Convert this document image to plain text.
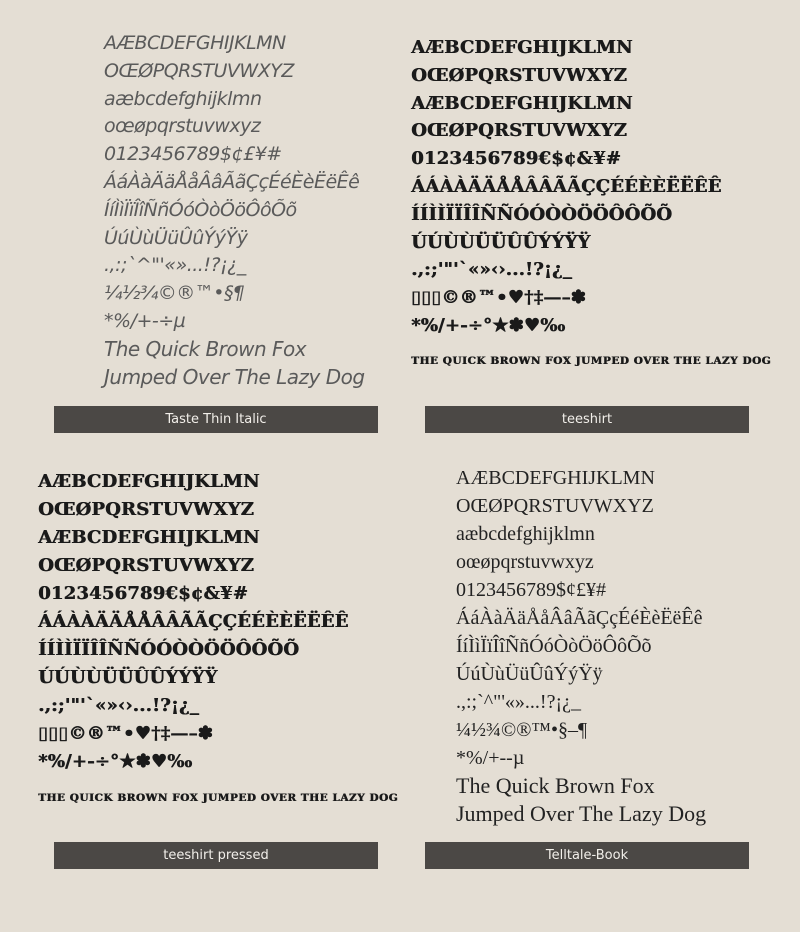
AÆBCDEFGHIJKLMN
OŒØPQRSTUVWXYZ
aæbcdefghijklmn
oœøpqrstuvwxyz
0123456789$¢£¥#
ÁáÀàÄäÅåÂâÃãÇçÉéÈèËëÊê
ÍíÌìÏïÎîÑñÓóÒòÖöÔôÕõ
ÚúÙùÜüÛûÝýŸÿ
.,:;`^"'«»...!?¡¿_
¼½¾©®™•§¶
*%/+-÷µ
The Quick Brown Fox
Jumped Over The Lazy Dog
Taste Thin Italic
AÆBCDEFGHIJKLMN
OŒØPQRSTUVWXYZ
AÆBCDEFGHIJKLMN
OŒØPQRSTUVWXYZ
0123456789€$¢&¥#
ÁÁÀÀÄÄÅÅÂÂÃÃÇÇÉÉÈÈËËÊÊ
ÍÍÌÌÏÏÎÎÑÑÓÓÒÒÖÖÔÔÕÕ
ÚÚÙÙÜÜÛÛÝÝŸŸ
.,:;'"'`«»‹›...!?¡¿_
▯▯▯©®™•♥†‡—–✽
*%/+-÷°★✽♥‰
THE QUICK BROWN FOX JUMPED OVER THE LAZY DOG
teeshirt
AÆBCDEFGHIJKLMN
OŒØPQRSTUVWXYZ
AÆBCDEFGHIJKLMN
OŒØPQRSTUVWXYZ
0123456789€$¢&¥#
ÁÁÀÀÄÄÅÅÂÂÃÃÇÇÉÉÈÈËËÊÊ
ÍÍÌÌÏÏÎÎÑÑÓÓÒÒÖÖÔÔÕÕ
ÚÚÙÙÜÜÛÛÝÝŸŸ
.,:;'"'`«»‹›...!?¡¿_
▯▯▯©®™•♥†‡—–✽
*%/+-÷°★✽♥‰
THE QUICK BROWN FOX JUMPED OVER THE LAZY DOG
teeshirt pressed
AÆBCDEFGHIJKLMN
OŒØPQRSTUVWXYZ
aæbcdefghijklmn
oœøpqrstuvwxyz
0123456789$¢£¥#
ÁáÀàÄäÅåÂâÃãÇçÉéÈèËëÊê
ÍíÌìÏïÎîÑñÓóÒòÖöÔôÕõ
ÚúÙùÜüÛûÝýŸÿ
.,:;`^"'«»...!?¡¿_
¼½¾©®™•§–¶
*%/+--µ
The Quick Brown Fox
Jumped Over The Lazy Dog
Telltale-Book
